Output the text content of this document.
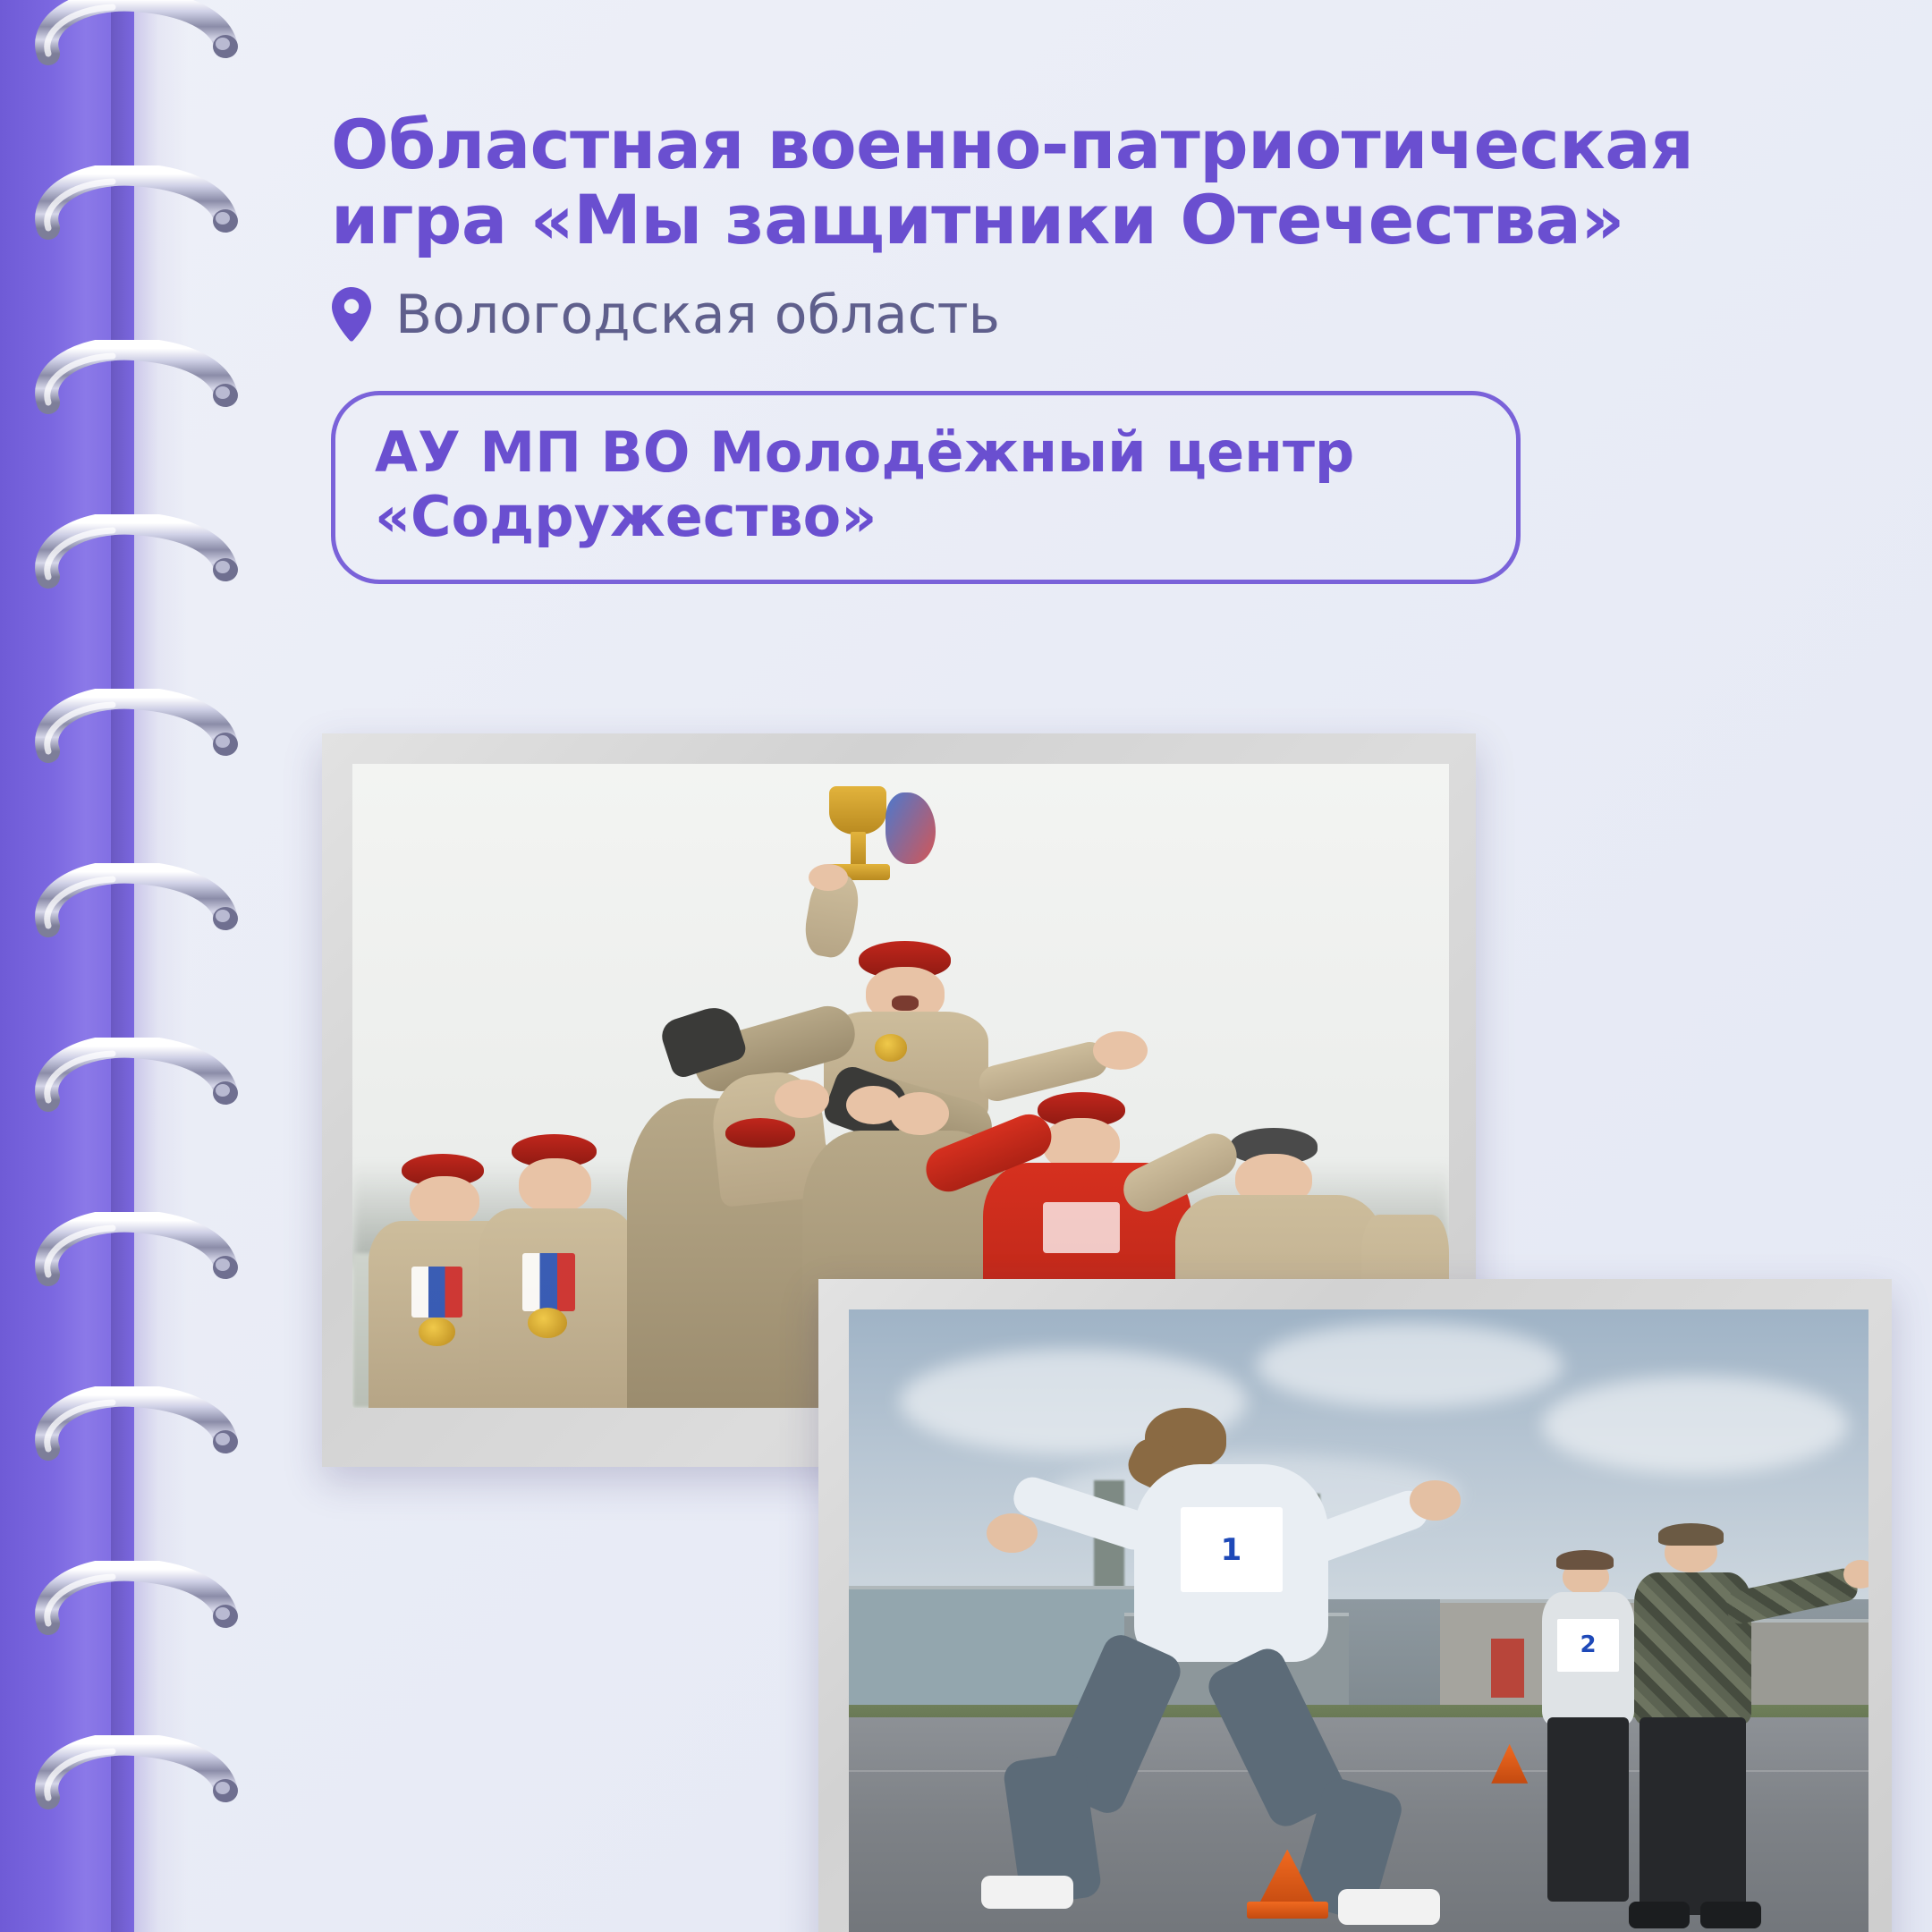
Областная военно-патриотическая игра «Мы защитники Отечества»
Вологодская область
АУ МП ВО Молодёжный центр «Содружество»
1
2
